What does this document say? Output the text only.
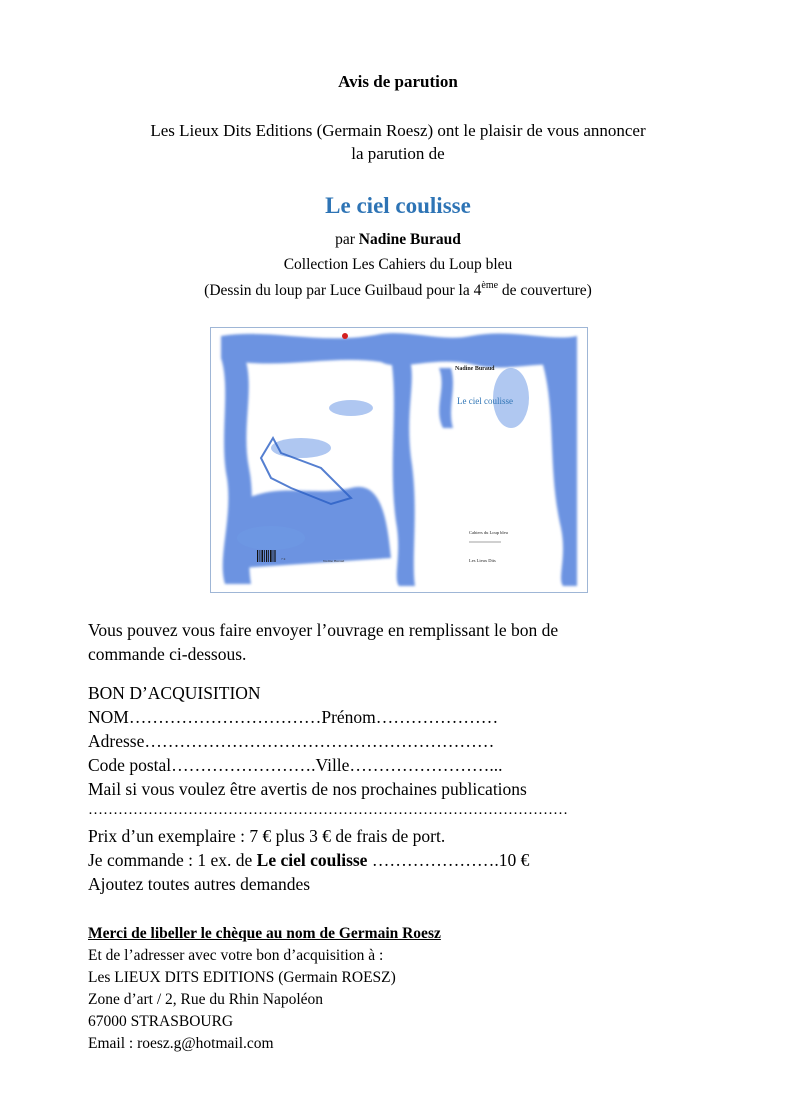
Avis de parution
Les Lieux Dits Editions (Germain Roesz) ont le plaisir de vous annoncer
la parution de
Le ciel coulisse
par Nadine Buraud
Collection Les Cahiers du Loup bleu
(Dessin du loup par Luce Guilbaud pour la 4ème de couverture)
Nadine Buraud
Le ciel coulisse
Cahiers du Loup bleu
Les Lieux Dits
7 €	Nadine Buraud
Vous pouvez vous faire envoyer l’ouvrage en remplissant le bon de
commande ci-dessous.
BON D’ACQUISITION
NOM……………………………Prénom…………………
Adresse……………………………………………………
Code postal…………………….Ville……………………...
Mail si vous voulez être avertis de nos prochaines publications
……………………………………………………………………………………
Prix d’un exemplaire : 7 € plus 3 € de frais de port.
Je commande : 1 ex. de Le ciel coulisse ………………….10 €
Ajoutez toutes autres demandes
Merci de libeller le chèque au nom de Germain Roesz
Et de l’adresser avec votre bon d’acquisition à :
Les LIEUX DITS EDITIONS (Germain ROESZ)
Zone d’art / 2, Rue du Rhin Napoléon
67000 STRASBOURG
Email : roesz.g@hotmail.com
